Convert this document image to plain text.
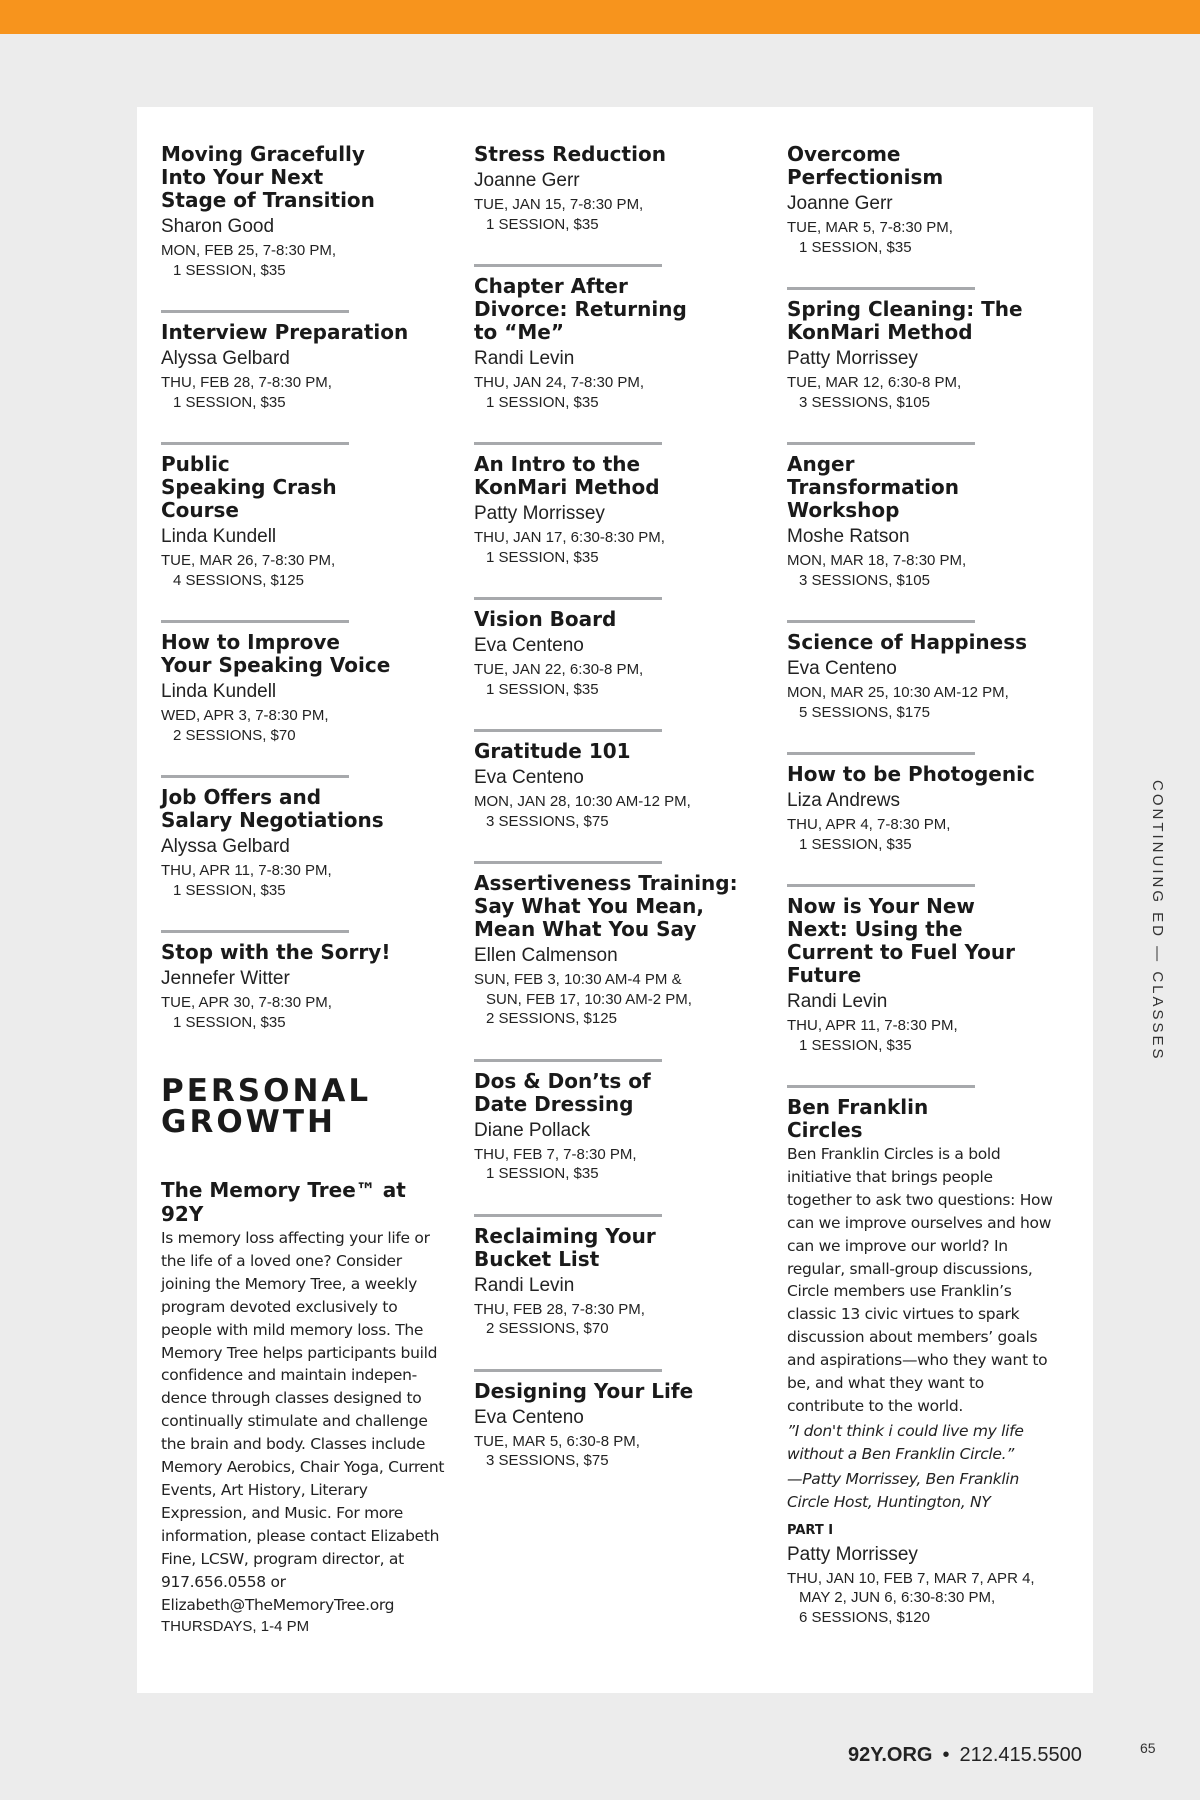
Moving Gracefully Into Your Next Stage of Transition
Sharon Good
MON, FEB 25, 7-8:30 PM,
1 SESSION, $35
Interview Preparation
Alyssa Gelbard
THU, FEB 28, 7-8:30 PM,
1 SESSION, $35
Public Speaking Crash Course
Linda Kundell
TUE, MAR 26, 7-8:30 PM,
4 SESSIONS, $125
How to Improve Your Speaking Voice
Linda Kundell
WED, APR 3, 7-8:30 PM,
2 SESSIONS, $70
Job Offers and Salary Negotiations
Alyssa Gelbard
THU, APR 11, 7-8:30 PM,
1 SESSION, $35
Stop with the Sorry!
Jennefer Witter
TUE, APR 30, 7-8:30 PM,
1 SESSION, $35
PERSONAL GROWTH
The Memory Tree™ at 92Y
Is memory loss affecting your life or the life of a loved one? Consider joining the Memory Tree, a weekly program devoted exclusively to people with mild memory loss. The Memory Tree helps participants build confidence and maintain indepen-dence through classes designed to continually stimulate and challenge the brain and body. Classes include Memory Aerobics, Chair Yoga, Current Events, Art History, Literary Expression, and Music. For more information, please contact Elizabeth Fine, LCSW, program director, at 917.656.0558 or Elizabeth@TheMemoryTree.org
THURSDAYS, 1-4 PM
Stress Reduction
Joanne Gerr
TUE, JAN 15, 7-8:30 PM,
1 SESSION, $35
Chapter After Divorce: Returning to “Me”
Randi Levin
THU, JAN 24, 7-8:30 PM,
1 SESSION, $35
An Intro to the KonMari Method
Patty Morrissey
THU, JAN 17, 6:30-8:30 PM,
1 SESSION, $35
Vision Board
Eva Centeno
TUE, JAN 22, 6:30-8 PM,
1 SESSION, $35
Gratitude 101
Eva Centeno
MON, JAN 28, 10:30 AM-12 PM,
3 SESSIONS, $75
Assertiveness Training: Say What You Mean, Mean What You Say
Ellen Calmenson
SUN, FEB 3, 10:30 AM-4 PM &
SUN, FEB 17, 10:30 AM-2 PM,
2 SESSIONS, $125
Dos & Don’ts of Date Dressing
Diane Pollack
THU, FEB 7, 7-8:30 PM,
1 SESSION, $35
Reclaiming Your Bucket List
Randi Levin
THU, FEB 28, 7-8:30 PM,
2 SESSIONS, $70
Designing Your Life
Eva Centeno
TUE, MAR 5, 6:30-8 PM,
3 SESSIONS, $75
Overcome Perfectionism
Joanne Gerr
TUE, MAR 5, 7-8:30 PM,
1 SESSION, $35
Spring Cleaning: The KonMari Method
Patty Morrissey
TUE, MAR 12, 6:30-8 PM,
3 SESSIONS, $105
Anger Transformation Workshop
Moshe Ratson
MON, MAR 18, 7-8:30 PM,
3 SESSIONS, $105
Science of Happiness
Eva Centeno
MON, MAR 25, 10:30 AM-12 PM,
5 SESSIONS, $175
How to be Photogenic
Liza Andrews
THU, APR 4, 7-8:30 PM,
1 SESSION, $35
Now is Your New Next: Using the Current to Fuel Your Future
Randi Levin
THU, APR 11, 7-8:30 PM,
1 SESSION, $35
Ben Franklin Circles
Ben Franklin Circles is a bold initiative that brings people together to ask two questions: How can we improve ourselves and how can we improve our world? In regular, small-group discussions, Circle members use Franklin’s classic 13 civic virtues to spark discussion about members’ goals and aspirations—who they want to be, and what they want to contribute to the world.
”I don't think i could live my life without a Ben Franklin Circle.”
—Patty Morrissey, Ben Franklin Circle Host, Huntington, NY
PART I
Patty Morrissey
THU, JAN 10, FEB 7, MAR 7, APR 4,
MAY 2, JUN 6, 6:30-8:30 PM,
6 SESSIONS, $120
CONTINUING ED — CLASSES
92Y.ORG • 212.415.5500	65
